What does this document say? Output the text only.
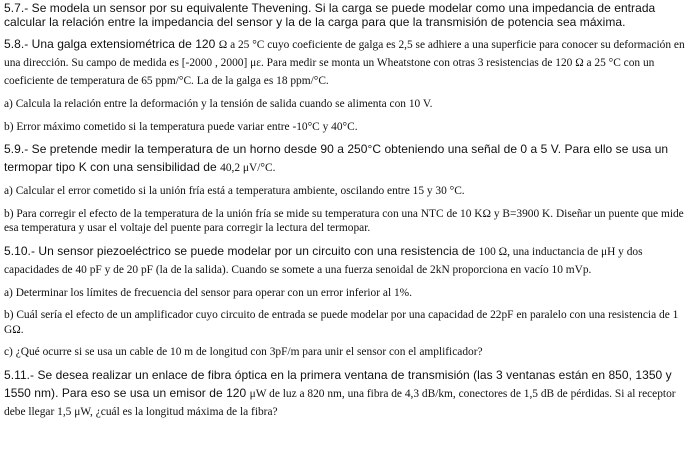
5.7.- Se modela un sensor por su equivalente Thevening. Si la carga se puede modelar como una impedancia de entrada calcular la relación entre la impedancia del sensor y la de la carga para que la transmisión de potencia sea máxima.

5.8.- Una galga extensiométrica de 120 Ω a 25 °C cuyo coeficiente de galga es 2,5 se adhiere a una superficie para conocer su deformación en una dirección. Su campo de medida es [-2000 , 2000] με. Para medir se monta un Wheatstone con otras 3 resistencias de 120 Ω a 25 °C con un coeficiente de temperatura de 65 ppm/°C. La de la galga es 18 ppm/°C.

a) Calcula la relación entre la deformación y la tensión de salida cuando se alimenta con 10 V.

b) Error máximo cometido si la temperatura puede variar entre -10°C y 40°C.

5.9.- Se pretende medir la temperatura de un horno desde 90 a 250°C obteniendo una señal de 0 a 5 V. Para ello se usa un termopar tipo K con una sensibilidad de 40,2 μV/°C.

a) Calcular el error cometido si la unión fría está a temperatura ambiente, oscilando entre 15 y 30 °C.

b) Para corregir el efecto de la temperatura de la unión fría se mide su temperatura con una NTC de 10 KΩ y B=3900 K. Diseñar un puente que mide esa temperatura y usar el voltaje del puente para corregir la lectura del termopar.

5.10.- Un sensor piezoeléctrico se puede modelar por un circuito con una resistencia de 100 Ω, una inductancia de μH y dos capacidades de 40 pF y de 20 pF (la de la salida). Cuando se somete a una fuerza senoidal de 2kN proporciona en vacío 10 mVp.

a) Determinar los límites de frecuencia del sensor para operar con un error inferior al 1%.

b) Cuál sería el efecto de un amplificador cuyo circuito de entrada se puede modelar por una capacidad de 22pF en paralelo con una resistencia de 1 GΩ.

c) ¿Qué ocurre si se usa un cable de 10 m de longitud con 3pF/m para unir el sensor con el amplificador?

5.11.- Se desea realizar un enlace de fibra óptica en la primera ventana de transmisión (las 3 ventanas están en 850, 1350 y 1550 nm). Para eso se usa un emisor de 120 μW de luz a 820 nm, una fibra de 4,3 dB/km, conectores de 1,5 dB de pérdidas. Si al receptor debe llegar 1,5 μW, ¿cuál es la longitud máxima de la fibra?
